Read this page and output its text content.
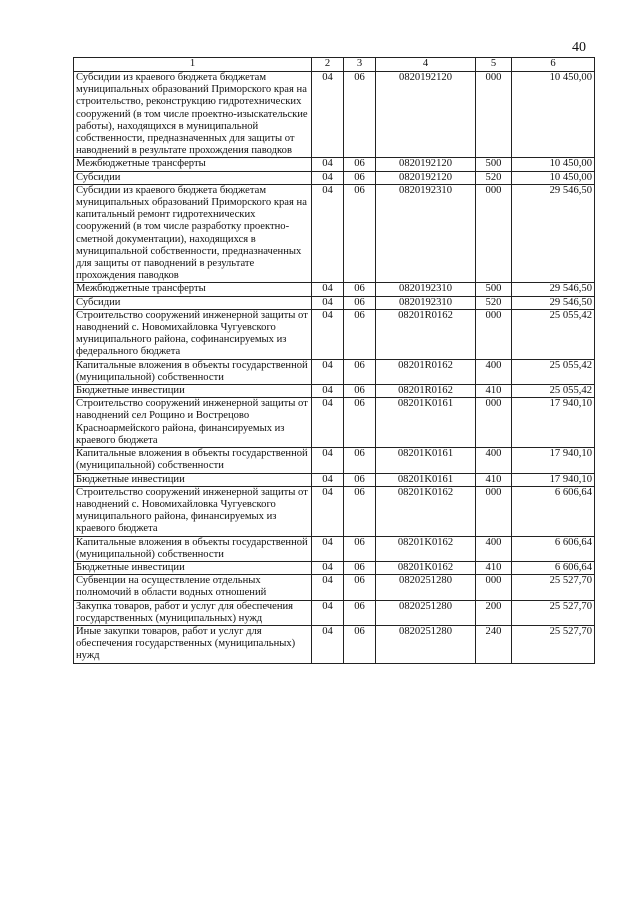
40
1	2	3	4	5	6
Субсидии из краевого бюджета бюджетам муниципальных образований Приморского края на строительство, реконструкцию гидротехнических сооружений (в том числе проектно-изыскательские работы), находящихся в муниципальной собственности, предназначенных для защиты от наводнений в результате прохождения паводков	04	06	0820192120	000	10 450,00
Межбюджетные трансферты	04	06	0820192120	500	10 450,00
Субсидии	04	06	0820192120	520	10 450,00
Субсидии из краевого бюджета бюджетам муниципальных образований Приморского края на капитальный ремонт гидротехнических сооружений (в том числе разработку проектно-сметной документации), находящихся в муниципальной собственности, предназначенных для защиты от паводнений в результате прохождения паводков	04	06	0820192310	000	29 546,50
Межбюджетные трансферты	04	06	0820192310	500	29 546,50
Субсидии	04	06	0820192310	520	29 546,50
Строительство сооружений инженерной защиты от наводнений с. Новомихайловка Чугуевского муниципального района, софинансируемых из федерального бюджета	04	06	08201R0162	000	25 055,42
Капитальные вложения в объекты государственной (муниципальной) собственности	04	06	08201R0162	400	25 055,42
Бюджетные инвестиции	04	06	08201R0162	410	25 055,42
Строительство сооружений инженерной защиты от наводнений сел Рощино и Вострецово Красноармейского района, финансируемых из краевого бюджета	04	06	08201K0161	000	17 940,10
Капитальные вложения в объекты государственной (муниципальной) собственности	04	06	08201K0161	400	17 940,10
Бюджетные инвестиции	04	06	08201K0161	410	17 940,10
Строительство сооружений инженерной защиты от наводнений с. Новомихайловка Чугуевского муниципального района, финансируемых из краевого бюджета	04	06	08201K0162	000	6 606,64
Капитальные вложения в объекты государственной (муниципальной) собственности	04	06	08201K0162	400	6 606,64
Бюджетные инвестиции	04	06	08201K0162	410	6 606,64
Субвенции на осуществление отдельных полномочий в области водных отношений	04	06	0820251280	000	25 527,70
Закупка товаров, работ и услуг для обеспечения государственных (муниципальных) нужд	04	06	0820251280	200	25 527,70
Иные закупки товаров, работ и услуг для обеспечения государственных (муниципальных) нужд	04	06	0820251280	240	25 527,70
